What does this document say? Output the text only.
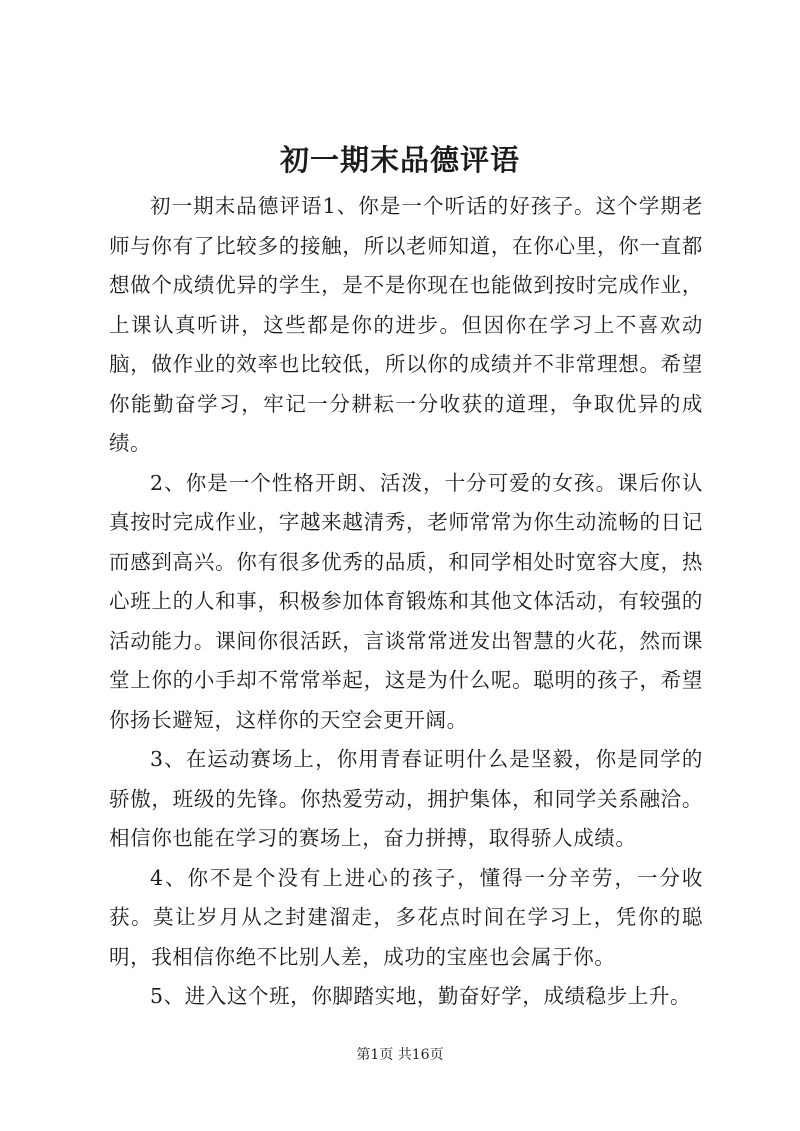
初一期末品德评语

初一期末品德评语1、你是一个听话的好孩子。这个学期老师与你有了比较多的接触，所以老师知道，在你心里，你一直都想做个成绩优异的学生，是不是你现在也能做到按时完成作业，上课认真听讲，这些都是你的进步。但因你在学习上不喜欢动脑，做作业的效率也比较低，所以你的成绩并不非常理想。希望你能勤奋学习，牢记一分耕耘一分收获的道理，争取优异的成绩。

2、你是一个性格开朗、活泼，十分可爱的女孩。课后你认真按时完成作业，字越来越清秀，老师常常为你生动流畅的日记而感到高兴。你有很多优秀的品质，和同学相处时宽容大度，热心班上的人和事，积极参加体育锻炼和其他文体活动，有较强的活动能力。课间你很活跃，言谈常常迸发出智慧的火花，然而课堂上你的小手却不常常举起，这是为什么呢。聪明的孩子，希望你扬长避短，这样你的天空会更开阔。

3、在运动赛场上，你用青春证明什么是坚毅，你是同学的骄傲，班级的先锋。你热爱劳动，拥护集体，和同学关系融洽。相信你也能在学习的赛场上，奋力拼搏，取得骄人成绩。

4、你不是个没有上进心的孩子，懂得一分辛劳，一分收获。莫让岁月从之封建溜走，多花点时间在学习上，凭你的聪明，我相信你绝不比别人差，成功的宝座也会属于你。

5、进入这个班，你脚踏实地，勤奋好学，成绩稳步上升。

第1页 共16页
